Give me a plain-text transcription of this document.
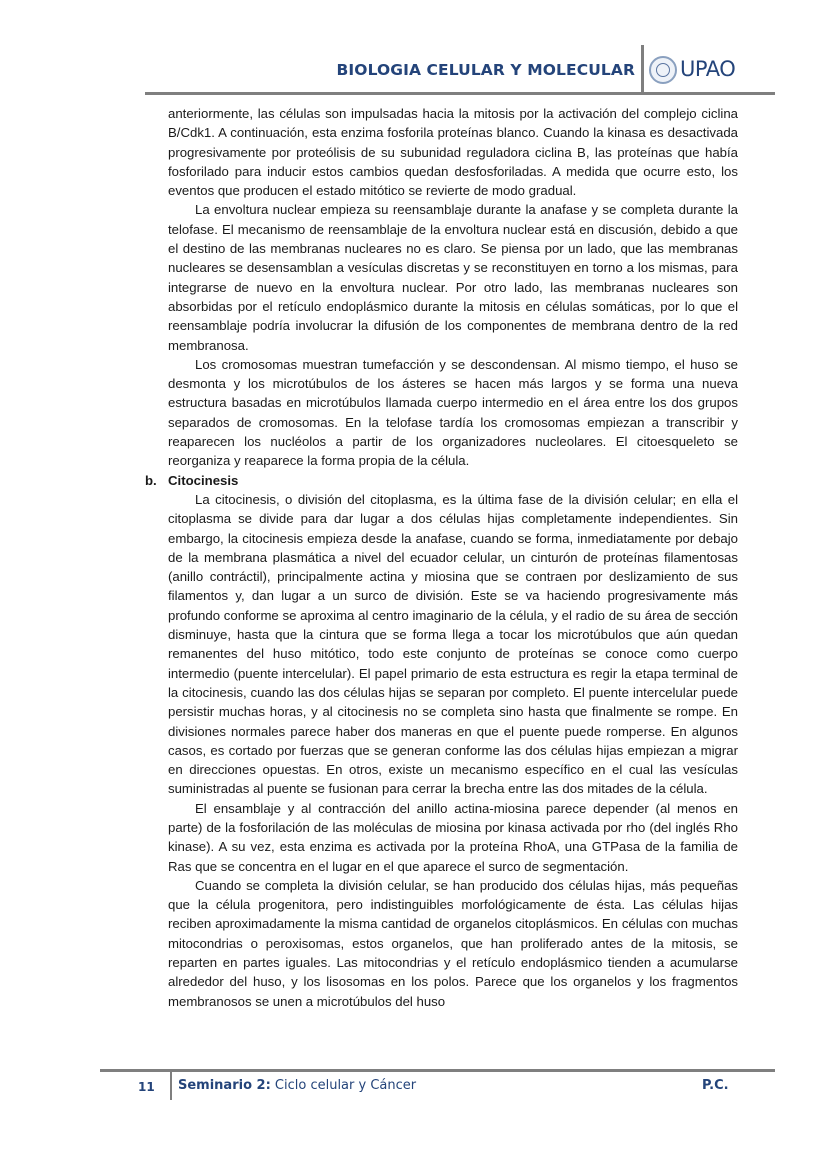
BIOLOGIA CELULAR Y MOLECULAR UPAO

anteriormente, las células son impulsadas hacia la mitosis por la activación del complejo ciclina B/Cdk1. A continuación, esta enzima fosforila proteínas blanco. Cuando la kinasa es desactivada progresivamente por proteólisis de su subunidad reguladora ciclina B, las proteínas que había fosforilado para inducir estos cambios quedan desfosforiladas. A medida que ocurre esto, los eventos que producen el estado mitótico se revierte de modo gradual.

La envoltura nuclear empieza su reensamblaje durante la anafase y se completa durante la telofase. El mecanismo de reensamblaje de la envoltura nuclear está en discusión, debido a que el destino de las membranas nucleares no es claro. Se piensa por un lado, que las membranas nucleares se desensamblan a vesículas discretas y se reconstituyen en torno a los mismas, para integrarse de nuevo en la envoltura nuclear. Por otro lado, las membranas nucleares son absorbidas por el retículo endoplásmico durante la mitosis en células somáticas, por lo que el reensamblaje podría involucrar la difusión de los componentes de membrana dentro de la red membranosa.

Los cromosomas muestran tumefacción y se descondensan. Al mismo tiempo, el huso se desmonta y los microtúbulos de los ásteres se hacen más largos y se forma una nueva estructura basadas en microtúbulos llamada cuerpo intermedio en el área entre los dos grupos separados de cromosomas. En la telofase tardía los cromosomas empiezan a transcribir y reaparecen los nucléolos a partir de los organizadores nucleolares. El citoesqueleto se reorganiza y reaparece la forma propia de la célula.

b. Citocinesis

La citocinesis, o división del citoplasma, es la última fase de la división celular; en ella el citoplasma se divide para dar lugar a dos células hijas completamente independientes. Sin embargo, la citocinesis empieza desde la anafase, cuando se forma, inmediatamente por debajo de la membrana plasmática a nivel del ecuador celular, un cinturón de proteínas filamentosas (anillo contráctil), principalmente actina y miosina que se contraen por deslizamiento de sus filamentos y, dan lugar a un surco de división. Este se va haciendo progresivamente más profundo conforme se aproxima al centro imaginario de la célula, y el radio de su área de sección disminuye, hasta que la cintura que se forma llega a tocar los microtúbulos que aún quedan remanentes del huso mitótico, todo este conjunto de proteínas se conoce como cuerpo intermedio (puente intercelular). El papel primario de esta estructura es regir la etapa terminal de la citocinesis, cuando las dos células hijas se separan por completo. El puente intercelular puede persistir muchas horas, y al citocinesis no se completa sino hasta que finalmente se rompe. En divisiones normales parece haber dos maneras en que el puente puede romperse. En algunos casos, es cortado por fuerzas que se generan conforme las dos células hijas empiezan a migrar en direcciones opuestas. En otros, existe un mecanismo específico en el cual las vesículas suministradas al puente se fusionan para cerrar la brecha entre las dos mitades de la célula.

El ensamblaje y al contracción del anillo actina-miosina parece depender (al menos en parte) de la fosforilación de las moléculas de miosina por kinasa activada por rho (del inglés Rho kinase). A su vez, esta enzima es activada por la proteína RhoA, una GTPasa de la familia de Ras que se concentra en el lugar en el que aparece el surco de segmentación.

Cuando se completa la división celular, se han producido dos células hijas, más pequeñas que la célula progenitora, pero indistinguibles morfológicamente de ésta. Las células hijas reciben aproximadamente la misma cantidad de organelos citoplásmicos. En células con muchas mitocondrias o peroxisomas, estos organelos, que han proliferado antes de la mitosis, se reparten en partes iguales. Las mitocondrias y el retículo endoplásmico tienden a acumularse alrededor del huso, y los lisosomas en los polos. Parece que los organelos y los fragmentos membranosos se unen a microtúbulos del huso

11 Seminario 2: Ciclo celular y Cáncer	P.C.
